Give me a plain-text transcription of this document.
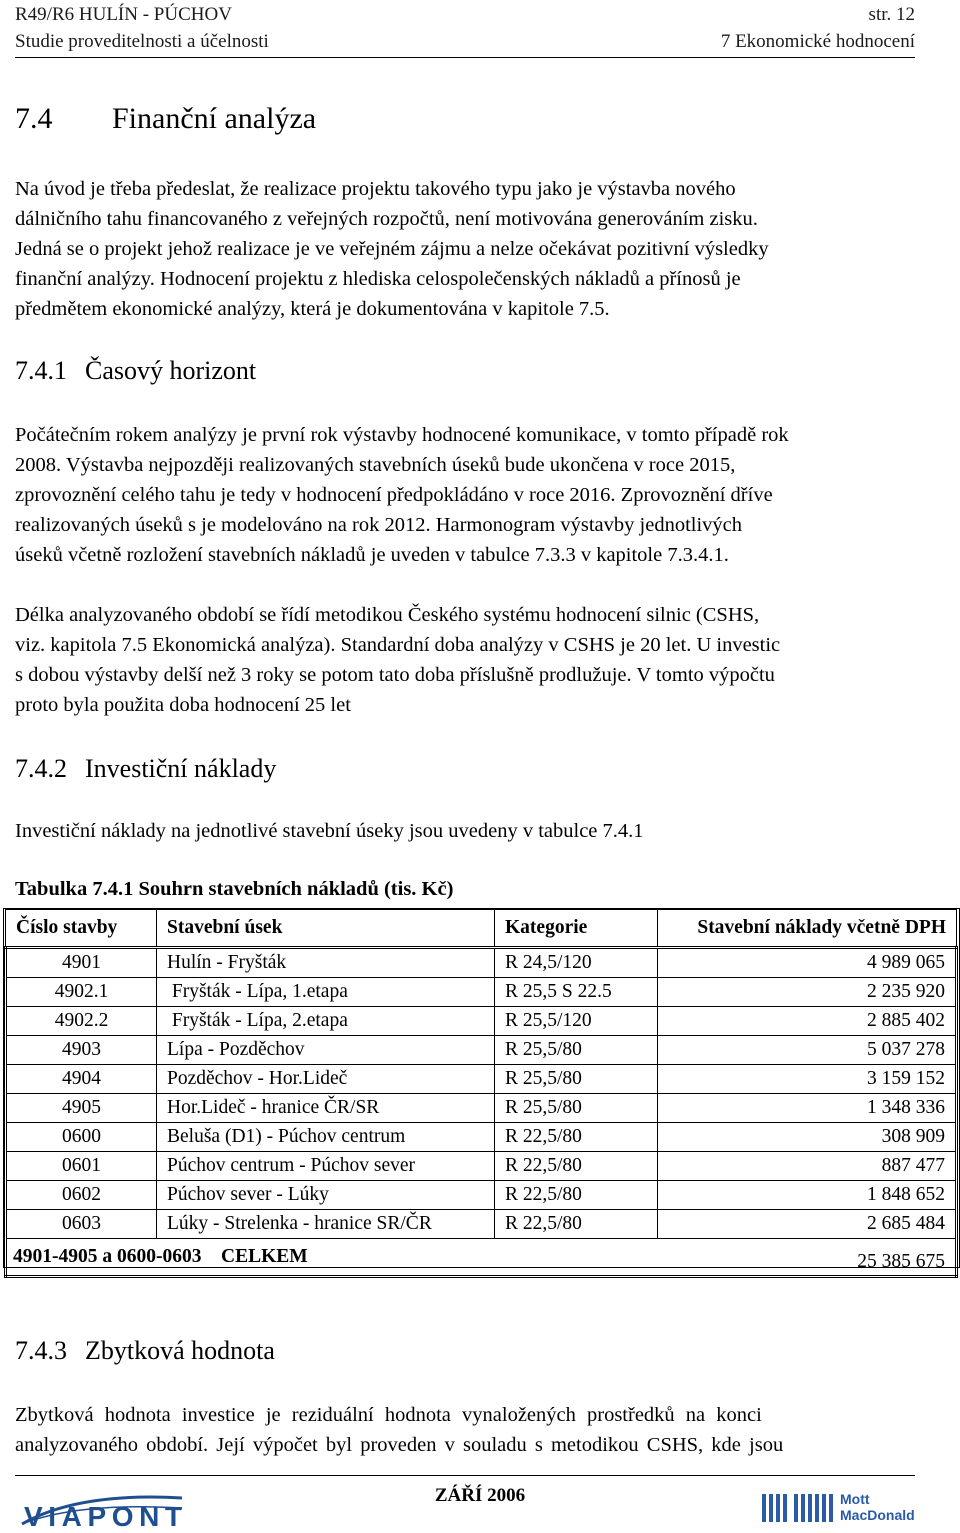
R49/R6 HULÍN - PÚCHOV	str. 12
Studie proveditelnosti a účelnosti	7 Ekonomické hodnocení
7.4 Finanční analýza

Na úvod je třeba předeslat, že realizace projektu takového typu jako je výstavba nového

dálničního tahu financovaného z veřejných rozpočtů, není motivována generováním zisku.

Jedná se o projekt jehož realizace je ve veřejném zájmu a nelze očekávat pozitivní výsledky

finanční analýzy. Hodnocení projektu z hlediska celospolečenských nákladů a přínosů je

předmětem ekonomické analýzy, která je dokumentována v kapitole 7.5.

7.4.1 Časový horizont

Počátečním rokem analýzy je první rok výstavby hodnocené komunikace, v tomto případě rok

2008. Výstavba nejpozději realizovaných stavebních úseků bude ukončena v roce 2015,

zprovoznění celého tahu je tedy v hodnocení předpokládáno v roce 2016. Zprovoznění dříve

realizovaných úseků s je modelováno na rok 2012. Harmonogram výstavby jednotlivých

úseků včetně rozložení stavebních nákladů je uveden v tabulce 7.3.3 v kapitole 7.3.4.1.

Délka analyzovaného období se řídí metodikou Českého systému hodnocení silnic (CSHS,

viz. kapitola 7.5 Ekonomická analýza). Standardní doba analýzy v CSHS je 20 let. U investic

s dobou výstavby delší než 3 roky se potom tato doba příslušně prodlužuje. V tomto výpočtu

proto byla použita doba hodnocení 25 let

7.4.2 Investiční náklady

Investiční náklady na jednotlivé stavební úseky jsou uvedeny v tabulce 7.4.1

Tabulka 7.4.1 Souhrn stavebních nákladů (tis. Kč)

Číslo stavby	Stavební úsek	Kategorie	Stavební náklady včetně DPH
4901	Hulín - Fryšták	R 24,5/120	4 989 065
4902.1	Fryšták - Lípa, 1.etapa	R 25,5 S 22.5	2 235 920
4902.2	Fryšták - Lípa, 2.etapa	R 25,5/120	2 885 402
4903	Lípa - Pozděchov	R 25,5/80	5 037 278
4904	Pozděchov - Hor.Lideč	R 25,5/80	3 159 152
4905	Hor.Lideč - hranice ČR/SR	R 25,5/80	1 348 336
0600	Beluša (D1) - Púchov centrum	R 22,5/80	308 909
0601	Púchov centrum - Púchov sever	R 22,5/80	887 477
0602	Púchov sever - Lúky	R 22,5/80	1 848 652
0603	Lúky - Strelenka - hranice SR/ČR	R 22,5/80	2 685 484
4901-4905 a 0600-0603    CELKEM			25 385 675
7.4.3 Zbytková hodnota

Zbytková hodnota investice je reziduální hodnota vynaložených prostředků na konci

analyzovaného období. Její výpočet byl proveden v souladu s metodikou CSHS, kde jsou

VIAPONT
ZÁŘÍ 2006	Mott
MacDonald
